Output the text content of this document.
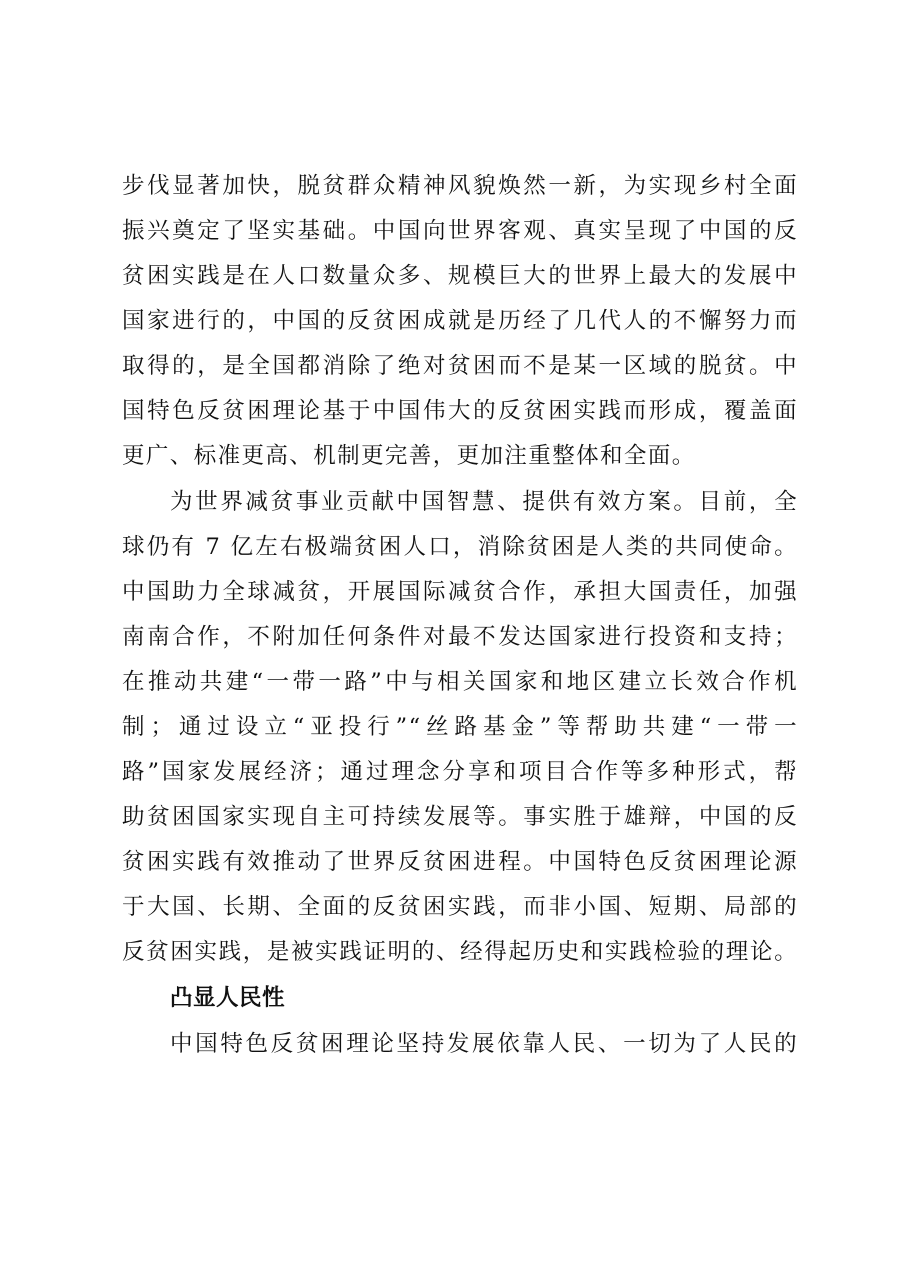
步伐显著加快，脱贫群众精神风貌焕然一新，为实现乡村全面
振兴奠定了坚实基础。中国向世界客观、真实呈现了中国的反
贫困实践是在人口数量众多、规模巨大的世界上最大的发展中
国家进行的，中国的反贫困成就是历经了几代人的不懈努力而
取得的，是全国都消除了绝对贫困而不是某一区域的脱贫。中
国特色反贫困理论基于中国伟大的反贫困实践而形成，覆盖面
更广、标准更高、机制更完善，更加注重整体和全面。
为世界减贫事业贡献中国智慧、提供有效方案。目前，全
球仍有 7 亿左右极端贫困人口，消除贫困是人类的共同使命。
中国助力全球减贫，开展国际减贫合作，承担大国责任，加强
南南合作，不附加任何条件对最不发达国家进行投资和支持；
在推动共建“一带一路”中与相关国家和地区建立长效合作机
制；通过设立“亚投行”“丝路基金”等帮助共建“一带一
路”国家发展经济；通过理念分享和项目合作等多种形式，帮
助贫困国家实现自主可持续发展等。事实胜于雄辩，中国的反
贫困实践有效推动了世界反贫困进程。中国特色反贫困理论源
于大国、长期、全面的反贫困实践，而非小国、短期、局部的
反贫困实践，是被实践证明的、经得起历史和实践检验的理论。
凸显人民性
中国特色反贫困理论坚持发展依靠人民、一切为了人民的
